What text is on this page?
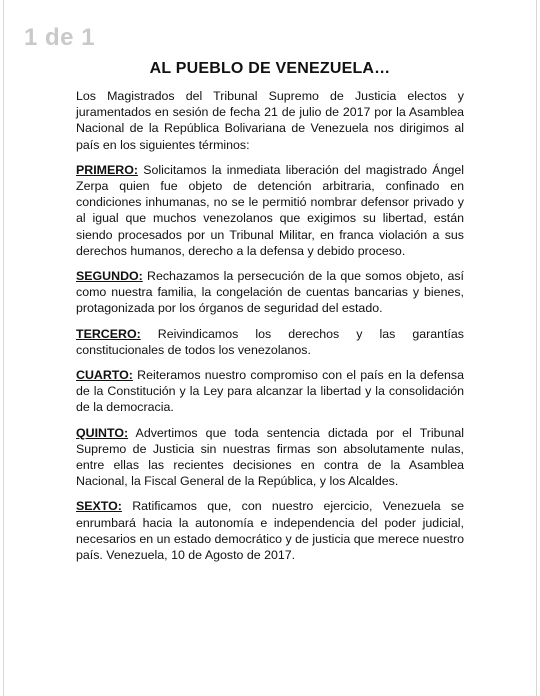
1 de 1
AL PUEBLO DE VENEZUELA…

Los Magistrados del Tribunal Supremo de Justicia electos y juramentados en sesión de fecha 21 de julio de 2017 por la Asamblea Nacional de la República Bolivariana de Venezuela nos dirigimos al país en los siguientes términos:

PRIMERO: Solicitamos la inmediata liberación del magistrado Ángel Zerpa quien fue objeto de detención arbitraria, confinado en condiciones inhumanas, no se le permitió nombrar defensor privado y al igual que muchos venezolanos que exigimos su libertad, están siendo procesados por un Tribunal Militar, en franca violación a sus derechos humanos, derecho a la defensa y debido proceso.

SEGUNDO: Rechazamos la persecución de la que somos objeto, así como nuestra familia, la congelación de cuentas bancarias y bienes, protagonizada por los órganos de seguridad del estado.

TERCERO: Reivindicamos los derechos y las garantías constitucionales de todos los venezolanos.

CUARTO: Reiteramos nuestro compromiso con el país en la defensa de la Constitución y la Ley para alcanzar la libertad y la consolidación de la democracia.

QUINTO: Advertimos que toda sentencia dictada por el Tribunal Supremo de Justicia sin nuestras firmas son absolutamente nulas, entre ellas las recientes decisiones en contra de la Asamblea Nacional, la Fiscal General de la República, y los Alcaldes.

SEXTO: Ratificamos que, con nuestro ejercicio, Venezuela se enrumbará hacia la autonomía e independencia del poder judicial, necesarios en un estado democrático y de justicia que merece nuestro país. Venezuela, 10 de Agosto de 2017.
